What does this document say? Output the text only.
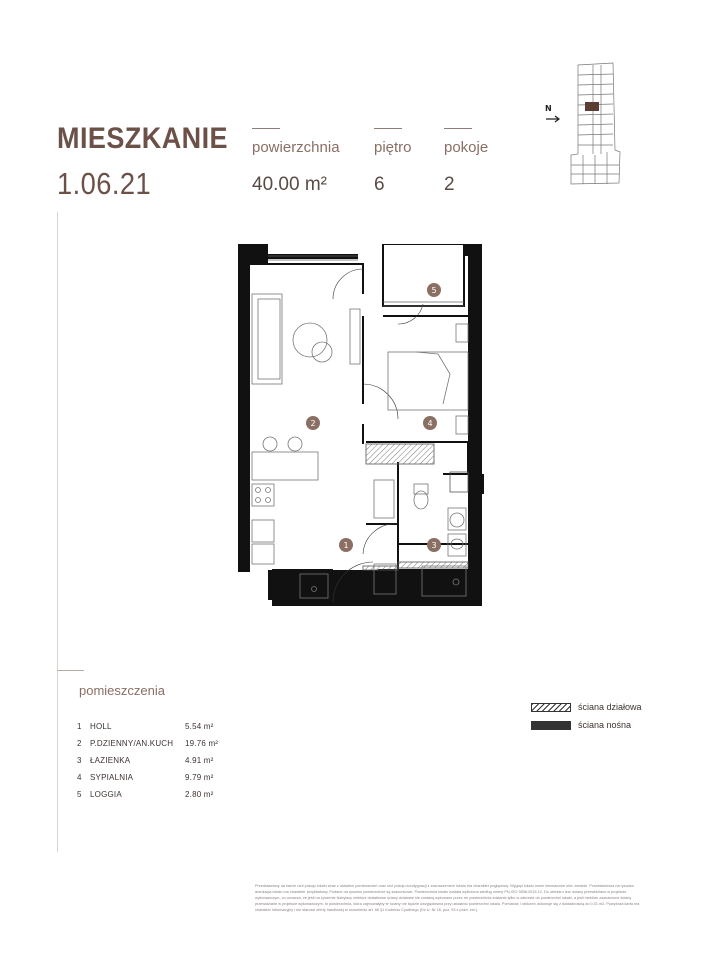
MIESZKANIE
1.06.21
powierzchnia
40.00 m²
piętro
6
pokoje
2
N
1
2
3
4
5
pomieszczenia
1	HOLL	5.54 m²
2	P.DZIENNY/AN.KUCH	19.76 m²
3	ŁAZIENKA	4.91 m²
4	SYPIALNIA	9.79 m²
5	LOGGIA	2.80 m²
ściana działowa
ściana nośna
Przedstawiony na karcie rzut pokoju lokalu wraz z układem pomieszczeń oraz rzut pokoju kondygnacji z zaznaczeniem lokalu ma charakter poglądowy. Wygląd lokalu może nieznacznie ulec zmianie. Przedstawiona na rysunku aranżacja lokalu ma charakter przykładowy. Podane na rysunku powierzchnie są szacunkowe. Powierzchnia lokalu została wyliczona według normy PN-ISO 9836:2015-12. Do obmiaru tzw. ściany przewidziano w projekcie wykonawczym, co oznacza, że jeśli na życzenie Nabywcy niektóre dodatkowe ściany działowe nie zostaną wykonane przez rm powierzchnia zostanie tylko w zakresie do powierzchni lokalu, a jeśli niektóre zaznaczone ściany przewidziane w projekcie wykonawczym, to powierzchnia, która zajmowałyby te ściany nie będzie uwzględniona przy ustalaniu powierzchni lokalu. Pomiarów i obliczeń dokonuje się z dokładnością do 0,01 m2. Powyższa karta ma charakter informacyjny i nie stanowi oferty handlowej w rozumieniu art. 66 §1 Kodeksu Cywilnego (Dz.U. Nr 16, poz. 93 z późn. zm.).
